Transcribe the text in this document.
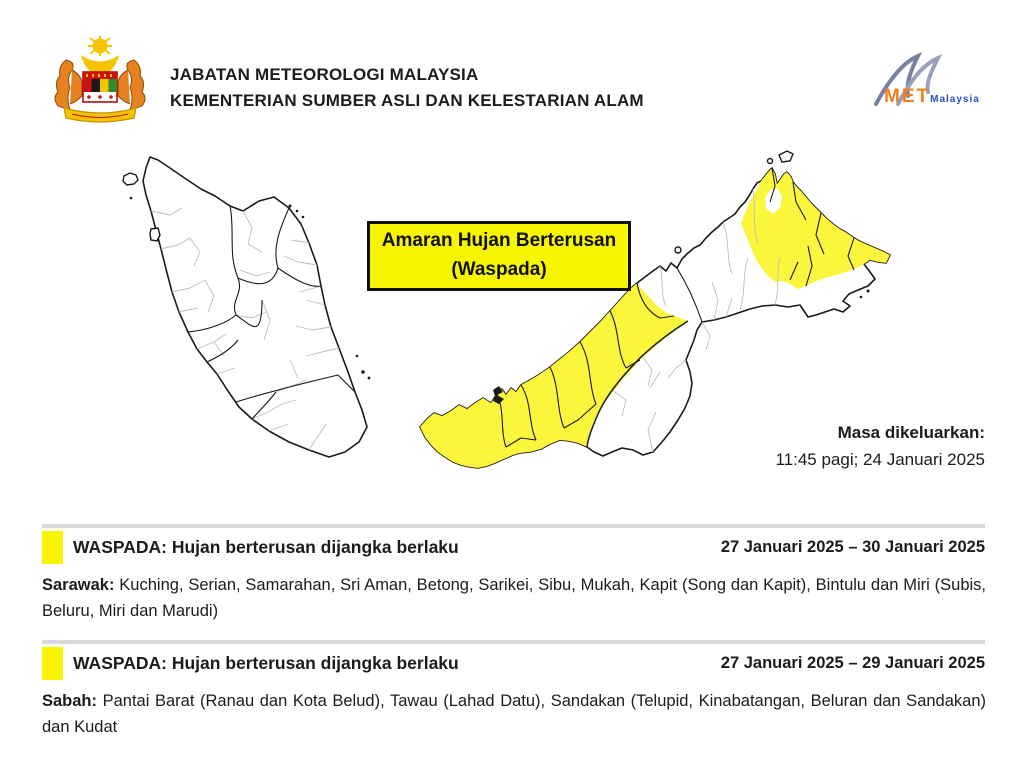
JABATAN METEOROLOGI MALAYSIA
KEMENTERIAN SUMBER ASLI DAN KELESTARIAN ALAM	METMalaysia
Amaran Hujan Berterusan
(Waspada)
Masa dikeluarkan:
11:45 pagi; 24 Januari 2025
WASPADA: Hujan berterusan dijangka berlaku	27 Januari 2025 – 30 Januari 2025
Sarawak: Kuching, Serian, Samarahan, Sri Aman, Betong, Sarikei, Sibu, Mukah, Kapit (Song dan Kapit), Bintulu dan Miri (Subis, Beluru, Miri dan Marudi)
WASPADA: Hujan berterusan dijangka berlaku	27 Januari 2025 – 29 Januari 2025
Sabah: Pantai Barat (Ranau dan Kota Belud), Tawau (Lahad Datu), Sandakan (Telupid, Kinabatangan, Beluran dan Sandakan) dan Kudat
